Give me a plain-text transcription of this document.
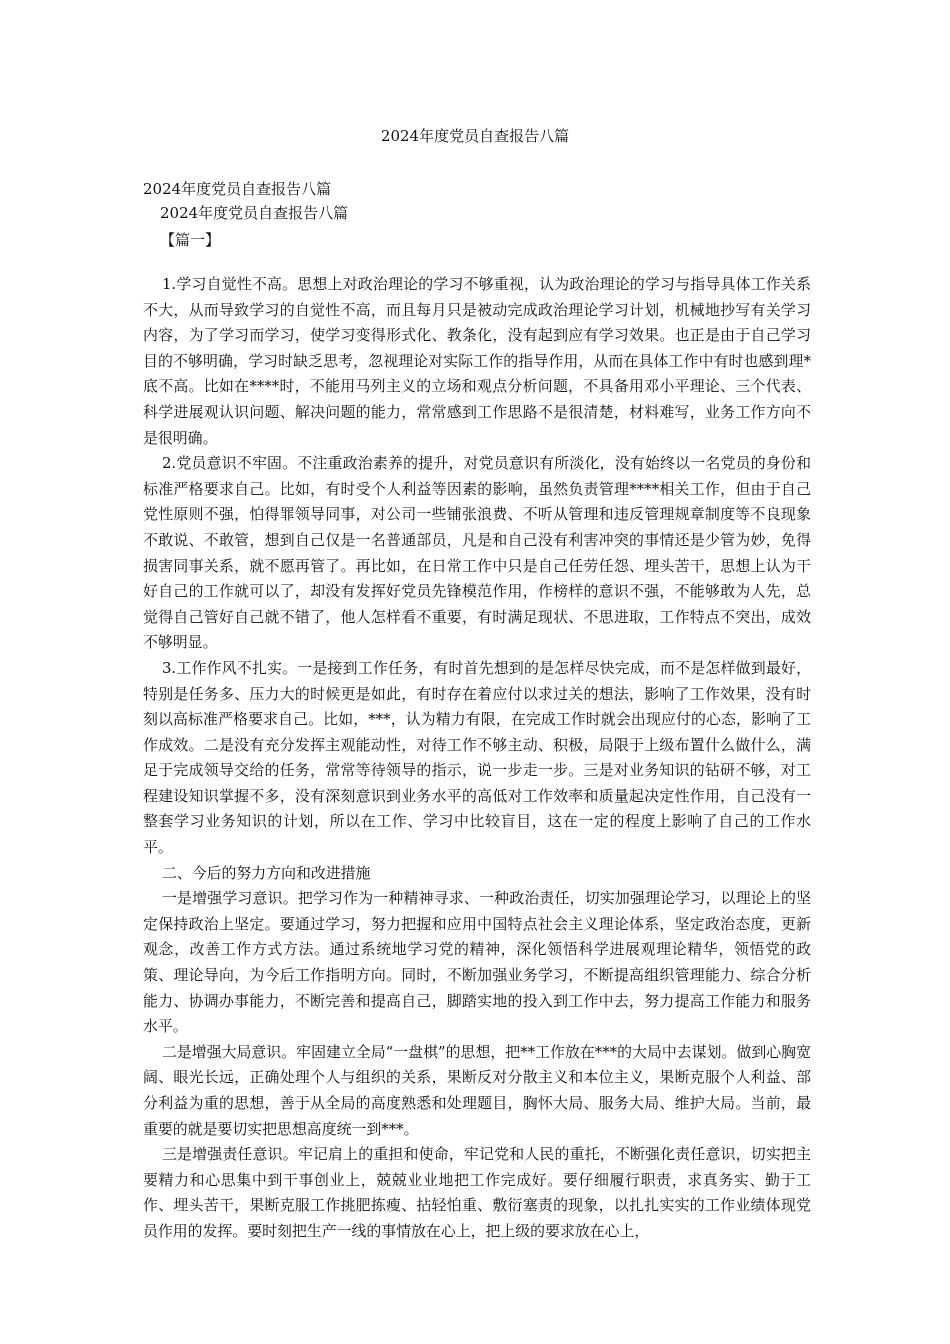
2024年度党员自查报告八篇
2024年度党员自查报告八篇
2024年度党员自查报告八篇
【篇一】

1.学习自觉性不高。思想上对政治理论的学习不够重视，认为政治理论的学习与指导具体工作关系不大，从而导致学习的自觉性不高，而且每月只是被动完成政治理论学习计划，机械地抄写有关学习内容，为了学习而学习，使学习变得形式化、教条化，没有起到应有学习效果。也正是由于自己学习目的不够明确，学习时缺乏思考，忽视理论对实际工作的指导作用，从而在具体工作中有时也感到理*底不高。比如在****时，不能用马列主义的立场和观点分析问题，不具备用邓小平理论、三个代表、科学进展观认识问题、解决问题的能力，常常感到工作思路不是很清楚，材料难写，业务工作方向不是很明确。

2.党员意识不牢固。不注重政治素养的提升，对党员意识有所淡化，没有始终以一名党员的身份和标准严格要求自己。比如，有时受个人利益等因素的影响，虽然负责管理****相关工作，但由于自己党性原则不强，怕得罪领导同事，对公司一些铺张浪费、不听从管理和违反管理规章制度等不良现象不敢说、不敢管，想到自己仅是一名普通部员，凡是和自己没有利害冲突的事情还是少管为妙，免得损害同事关系，就不愿再管了。再比如，在日常工作中只是自己任劳任怨、埋头苦干，思想上认为干好自己的工作就可以了，却没有发挥好党员先锋模范作用，作榜样的意识不强，不能够敢为人先，总觉得自己管好自己就不错了，他人怎样看不重要，有时满足现状、不思进取，工作特点不突出，成效不够明显。

3.工作作风不扎实。一是接到工作任务，有时首先想到的是怎样尽快完成，而不是怎样做到最好，特别是任务多、压力大的时候更是如此，有时存在着应付以求过关的想法，影响了工作效果，没有时刻以高标准严格要求自己。比如，***，认为精力有限，在完成工作时就会出现应付的心态，影响了工作成效。二是没有充分发挥主观能动性，对待工作不够主动、积极，局限于上级布置什么做什么，满足于完成领导交给的任务，常常等待领导的指示，说一步走一步。三是对业务知识的钻研不够，对工程建设知识掌握不多，没有深刻意识到业务水平的高低对工作效率和质量起决定性作用，自己没有一整套学习业务知识的计划，所以在工作、学习中比较盲目，这在一定的程度上影响了自己的工作水平。

二、今后的努力方向和改进措施

一是增强学习意识。把学习作为一种精神寻求、一种政治责任，切实加强理论学习，以理论上的坚定保持政治上坚定。要通过学习，努力把握和应用中国特点社会主义理论体系，坚定政治态度，更新观念，改善工作方式方法。通过系统地学习党的精神，深化领悟科学进展观理论精华，领悟党的政策、理论导向，为今后工作指明方向。同时，不断加强业务学习，不断提高组织管理能力、综合分析能力、协调办事能力，不断完善和提高自己，脚踏实地的投入到工作中去，努力提高工作能力和服务水平。

二是增强大局意识。牢固建立全局“一盘棋”的思想，把**工作放在***的大局中去谋划。做到心胸宽阔、眼光长远，正确处理个人与组织的关系，果断反对分散主义和本位主义，果断克服个人利益、部分利益为重的思想，善于从全局的高度熟悉和处理题目，胸怀大局、服务大局、维护大局。当前，最重要的就是要切实把思想高度统一到***。

三是增强责任意识。牢记肩上的重担和使命，牢记党和人民的重托，不断强化责任意识，切实把主要精力和心思集中到干事创业上，兢兢业业地把工作完成好。要仔细履行职责，求真务实、勤于工作、埋头苦干，果断克服工作挑肥拣瘦、拈轻怕重、敷衍塞责的现象，以扎扎实实的工作业绩体现党员作用的发挥。要时刻把生产一线的事情放在心上，把上级的要求放在心上，
